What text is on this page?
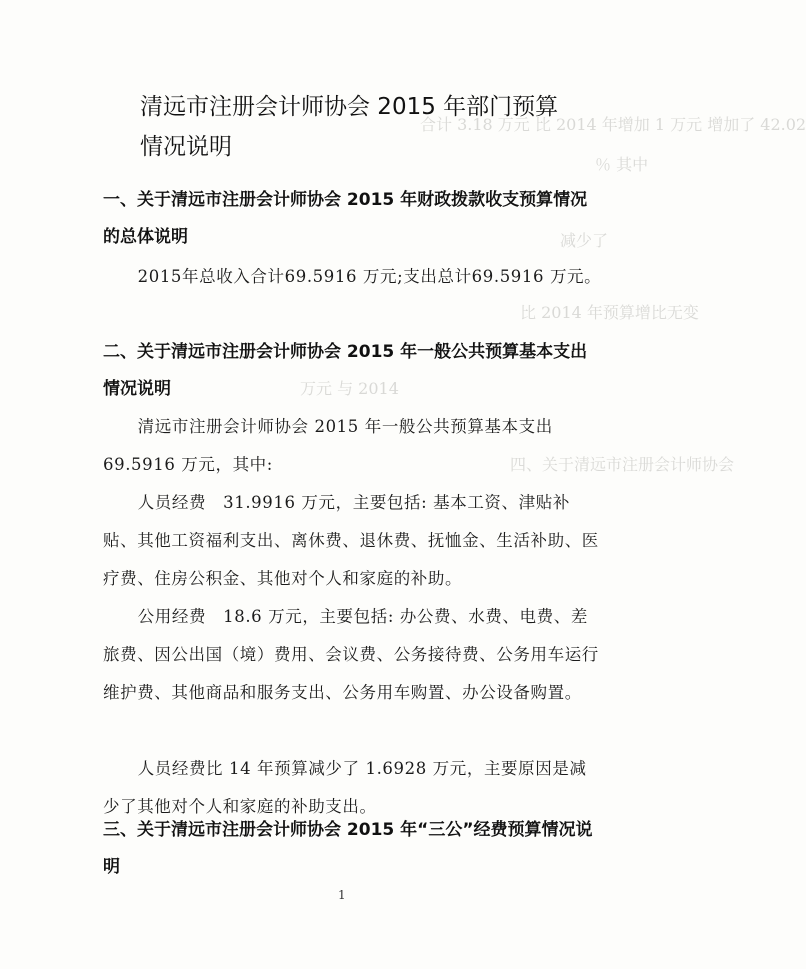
合计 3.18 万元 比 2014 年增加 1 万元 增加了 42.02
％ 其中
减少了
比 2014 年预算增比无变
万元 与 2014
四、关于清远市注册会计师协会
清远市注册会计师协会 2015 年部门预算情况说明
一、关于清远市注册会计师协会 2015 年财政拨款收支预算情况的总体说明
2015年总收入合计69.5916 万元;支出总计69.5916 万元。
二、关于清远市注册会计师协会 2015 年一般公共预算基本支出情况说明
清远市注册会计师协会 2015 年一般公共预算基本支出69.5916 万元，其中:
人员经费　31.9916 万元，主要包括: 基本工资、津贴补贴、其他工资福利支出、离休费、退休费、抚恤金、生活补助、医疗费、住房公积金、其他对个人和家庭的补助。
公用经费　18.6 万元，主要包括: 办公费、水费、电费、差旅费、因公出国（境）费用、会议费、公务接待费、公务用车运行维护费、其他商品和服务支出、公务用车购置、办公设备购置。
人员经费比 14 年预算减少了 1.6928 万元，主要原因是减少了其他对个人和家庭的补助支出。
三、关于清远市注册会计师协会 2015 年“三公”经费预算情况说明
1
